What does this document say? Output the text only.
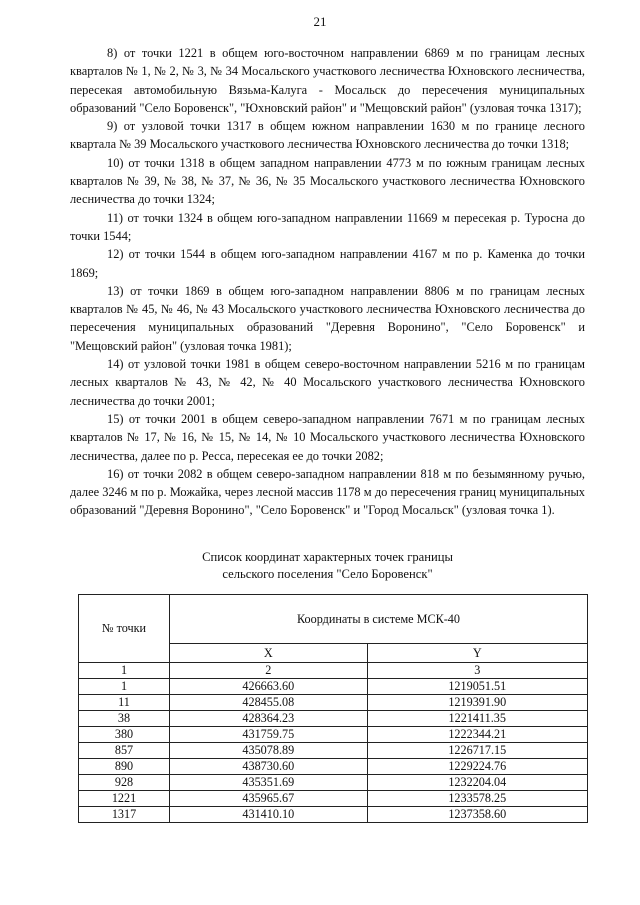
21

8) от точки 1221 в общем юго-восточном направлении 6869 м по границам лесных кварталов № 1, № 2, № 3, № 34 Мосальского участкового лесничества Юхновского лесничества, пересекая автомобильную Вязьма-Калуга - Мосальск до пересечения муниципальных образований "Село Боровенск", "Юхновский район" и "Мещовский район" (узловая точка 1317);

9) от узловой точки 1317 в общем южном направлении 1630 м по границе лесного квартала № 39 Мосальского участкового лесничества Юхновского лесничества до точки 1318;

10) от точки 1318 в общем западном направлении 4773 м по южным границам лесных кварталов № 39, № 38, № 37, № 36, № 35 Мосальского участкового лесничества Юхновского лесничества до точки 1324;

11) от точки 1324 в общем юго-западном направлении 11669 м пересекая р. Туросна до точки 1544;

12) от точки 1544 в общем юго-западном направлении 4167 м по р. Каменка до точки 1869;

13) от точки 1869 в общем юго-западном направлении 8806 м по границам лесных кварталов № 45, № 46, № 43 Мосальского участкового лесничества Юхновского лесничества до пересечения муниципальных образований "Деревня Воронино", "Село Боровенск" и "Мещовский район" (узловая точка 1981);

14) от узловой точки 1981 в общем северо-восточном направлении 5216 м по границам лесных кварталов № 43, № 42, № 40 Мосальского участкового лесничества Юхновского лесничества до точки 2001;

15) от точки 2001 в общем северо-западном направлении 7671 м по границам лесных кварталов № 17, № 16, № 15, № 14, № 10 Мосальского участкового лесничества Юхновского лесничества, далее по р. Ресса, пересекая ее до точки 2082;

16) от точки 2082 в общем северо-западном направлении 818 м по безымянному ручью, далее 3246 м по р. Можайка, через лесной массив 1178 м до пересечения границ муниципальных образований "Деревня Воронино", "Село Боровенск" и "Город Мосальск" (узловая точка 1).

Список координат характерных точек границы
сельского поселения "Село Боровенск"
№ точки	Координаты в системе МСК-40	
	X	Y
1	2	3
1	426663.60	1219051.51
11	428455.08	1219391.90
38	428364.23	1221411.35
380	431759.75	1222344.21
857	435078.89	1226717.15
890	438730.60	1229224.76
928	435351.69	1232204.04
1221	435965.67	1233578.25
1317	431410.10	1237358.60
